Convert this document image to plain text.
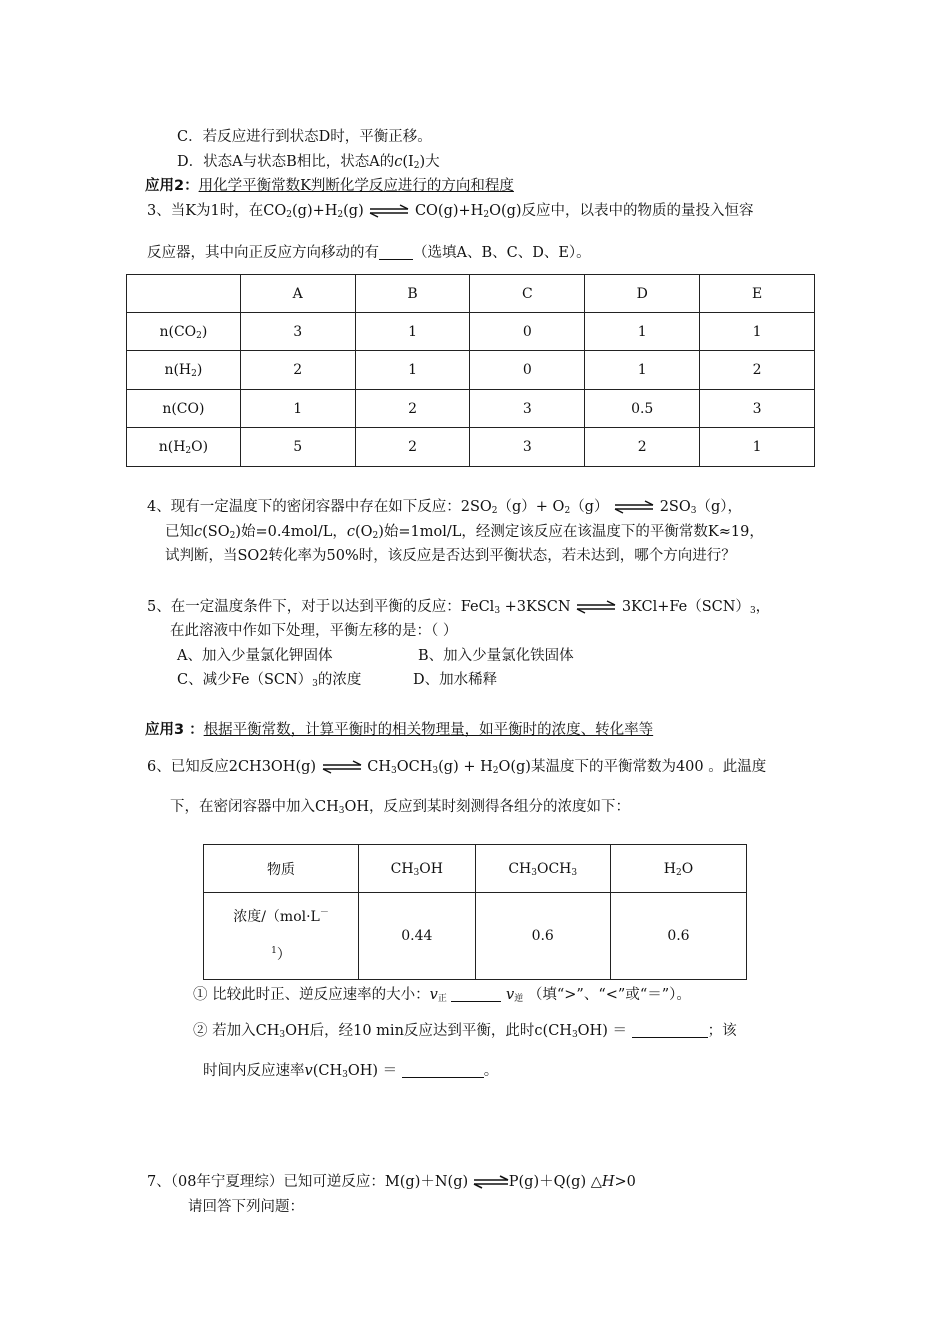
C．若反应进行到状态D时，平衡正移。
D．状态A与状态B相比，状态A的$c(I_2)$大
应用2：用化学平衡常数K判断化学反应进行的方向和程度
3、当K为1时，在$CO_2(g)+H_2(g)$ ⇌ $CO(g)+H_2O(g)$反应中，以表中的物质的量投入恒容
反应器，其中向正反应方向移动的有 （选填A、B、C、D、E）。
	A	B	C	D	E
$n(CO_2)$	3	1	0	1	1
$n(H_2)$	2	1	0	1	2
n(CO)	1	2	3	0.5	3
$n(H_2O)$	5	2	3	2	1
4、现有一定温度下的密闭容器中存在如下反应：$2SO_2(g)+ O_2(g)$ ⇌ $2SO_3(g)$，
已知$c(SO_2)$始=0.4mol/L，$c(O_2)$始=1mol/L，经测定该反应在该温度下的平衡常数K≈19，
试判断，当SO2转化率为50%时，该反应是否达到平衡状态，若未达到，哪个方向进行？
5、在一定温度条件下，对于以达到平衡的反应：FeCl$_3$ +3KSCN ⇌ $3KCl+Fe(SCN)_3$，
在此溶液中作如下处理，平衡左移的是：（ ）
A、加入少量氯化钾固体	B、加入少量氯化铁固体
C、减少$Fe(SCN)_3$的浓度	D、加水稀释
应用3 ：根据平衡常数，计算平衡时的相关物理量，如平衡时的浓度、转化率等
6、已知反应2CH3OH(g) ⇌ $CH_3OCH_3(g) + H_2O(g)$某温度下的平衡常数为400 。此温度
下，在密闭容器中加入$CH_3OH$，反应到某时刻测得各组分的浓度如下：
物质	$CH_3OH$	$CH_3OCH_3$	$H_2O$
浓度/（mol·L－
$^1$）	0.44	0.6	0.6
① 比较此时正、逆反应速率的大小：$v_正$	$v_逆$ （填“>”、“<”或“＝”）。
② 若加入$CH_3OH$后，经10 min反应达到平衡，此时$c(CH_3OH)$ ＝	；该
时间内反应速率$v(CH_3OH)$ ＝	。
7、（08年宁夏理综）已知可逆反应：M(g)＋N(g) ⇌P(g)＋Q(g) △H>0
请回答下列问题：
